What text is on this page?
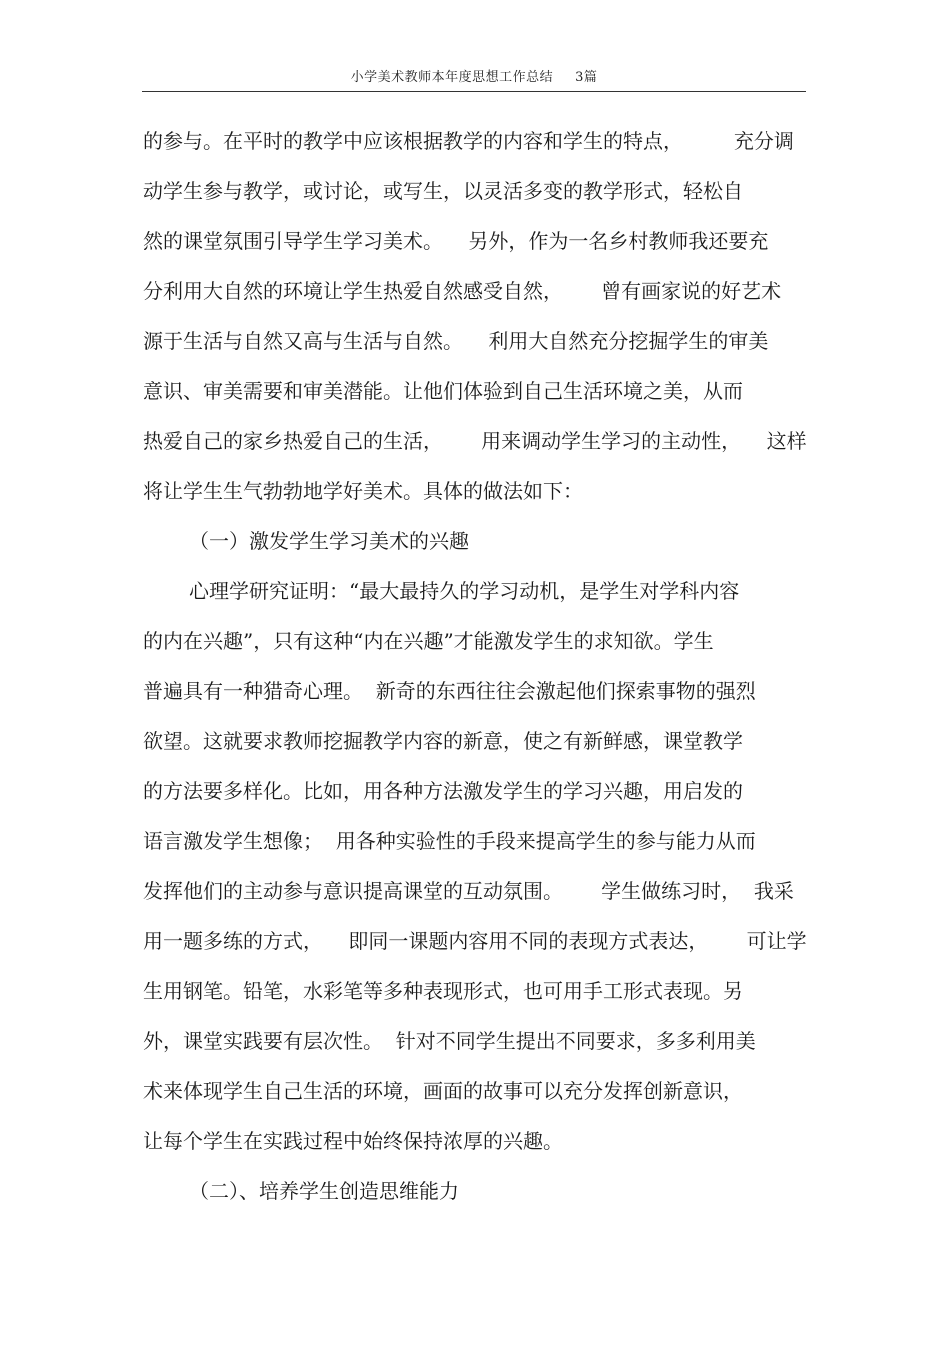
小学美术教师本年度思想工作总结 3篇
的参与。在平时的教学中应该根据教学的内容和学生的特点，        充分调
动学生参与教学，或讨论，或写生，以灵活多变的教学形式，轻松自
然的课堂氛围引导学生学习美术。    另外，作为一名乡村教师我还要充
分利用大自然的环境让学生热爱自然感受自然，      曾有画家说的好艺术
源于生活与自然又高与生活与自然。    利用大自然充分挖掘学生的审美
意识、审美需要和审美潜能。让他们体验到自己生活环境之美，从而
热爱自己的家乡热爱自己的生活，      用来调动学生学习的主动性，    这样
将让学生生气勃勃地学好美术。具体的做法如下：
（一）激发学生学习美术的兴趣
心理学研究证明：“最大最持久的学习动机，是学生对学科内容
的内在兴趣”，只有这种“内在兴趣”才能激发学生的求知欲。学生
普遍具有一种猎奇心理。  新奇的东西往往会激起他们探索事物的强烈
欲望。这就要求教师挖掘教学内容的新意，使之有新鲜感，课堂教学
的方法要多样化。比如，用各种方法激发学生的学习兴趣，用启发的
语言激发学生想像；  用各种实验性的手段来提高学生的参与能力从而
发挥他们的主动参与意识提高课堂的互动氛围。      学生做练习时，  我采
用一题多练的方式，    即同一课题内容用不同的表现方式表达，      可让学
生用钢笔。铅笔，水彩笔等多种表现形式，也可用手工形式表现。另
外，课堂实践要有层次性。  针对不同学生提出不同要求，多多利用美
术来体现学生自己生活的环境，画面的故事可以充分发挥创新意识，
让每个学生在实践过程中始终保持浓厚的兴趣。
（二）、培养学生创造思维能力
